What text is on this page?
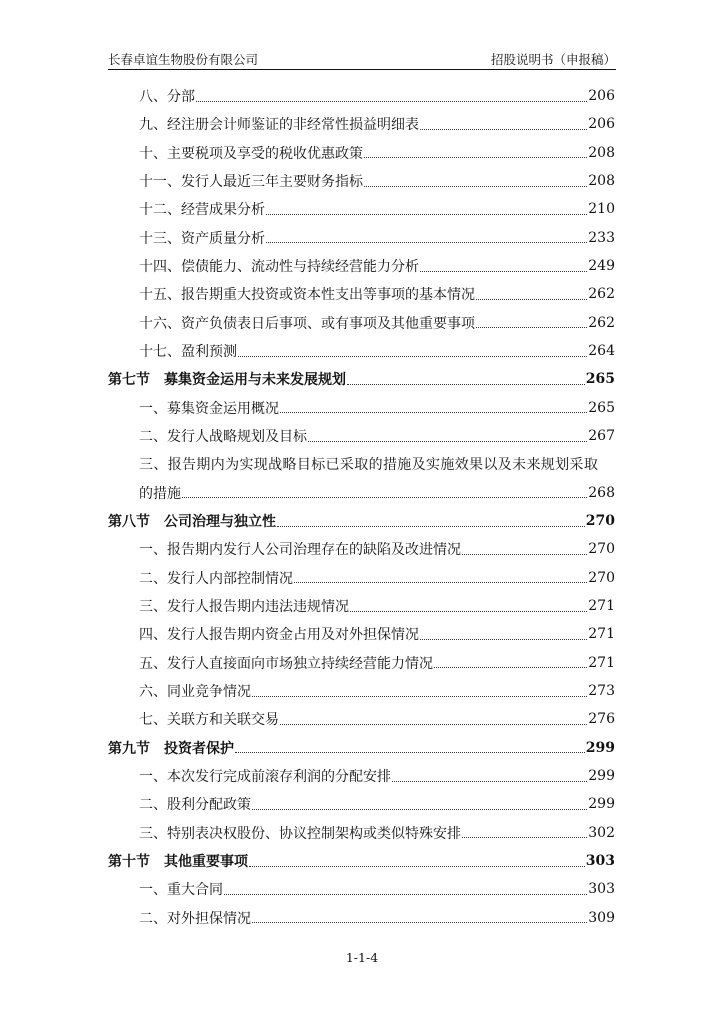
长春卓谊生物股份有限公司	招股说明书（申报稿）
八、分部	206
九、经注册会计师鉴证的非经常性损益明细表	206
十、主要税项及享受的税收优惠政策	208
十一、发行人最近三年主要财务指标	208
十二、经营成果分析	210
十三、资产质量分析	233
十四、偿债能力、流动性与持续经营能力分析	249
十五、报告期重大投资或资本性支出等事项的基本情况	262
十六、资产负债表日后事项、或有事项及其他重要事项	262
十七、盈利预测	264
第七节　募集资金运用与未来发展规划	265
一、募集资金运用概况	265
二、发行人战略规划及目标	267
三、报告期内为实现战略目标已采取的措施及实施效果以及未来规划采取
的措施	268
第八节　公司治理与独立性	270
一、报告期内发行人公司治理存在的缺陷及改进情况	270
二、发行人内部控制情况	270
三、发行人报告期内违法违规情况	271
四、发行人报告期内资金占用及对外担保情况	271
五、发行人直接面向市场独立持续经营能力情况	271
六、同业竞争情况	273
七、关联方和关联交易	276
第九节　投资者保护	299
一、本次发行完成前滚存利润的分配安排	299
二、股利分配政策	299
三、特别表决权股份、协议控制架构或类似特殊安排	302
第十节　其他重要事项	303
一、重大合同	303
二、对外担保情况	309
1-1-4
